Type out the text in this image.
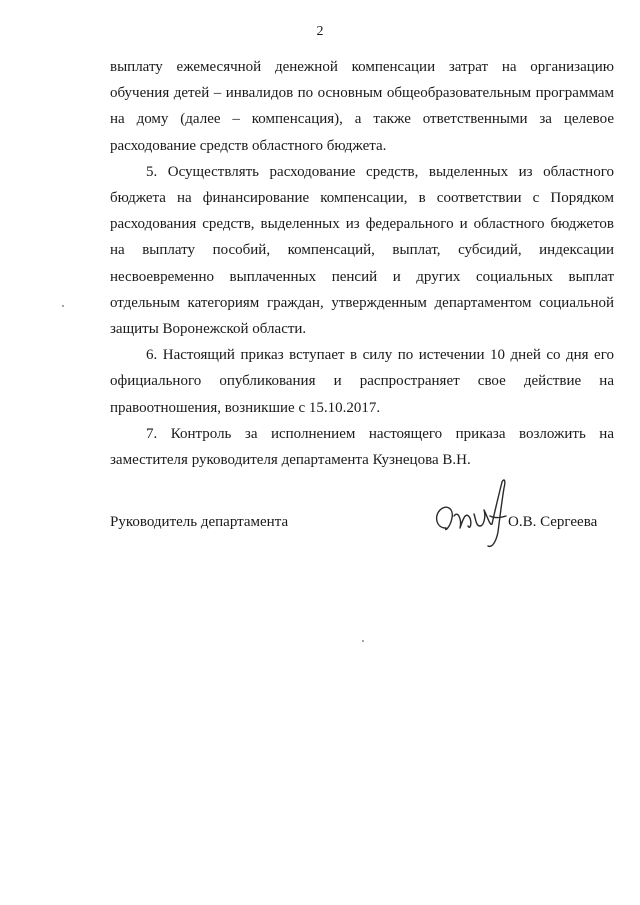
2

выплату ежемесячной денежной компенсации затрат на организацию обучения детей – инвалидов по основным общеобразовательным программам на дому (далее – компенсация), а также ответственными за целевое расходование средств областного бюджета.

5. Осуществлять расходование средств, выделенных из областного бюджета на финансирование компенсации, в соответствии с Порядком расходования средств, выделенных из федерального и областного бюджетов на выплату пособий, компенсаций, выплат, субсидий, индексации несвоевременно выплаченных пенсий и других социальных выплат отдельным категориям граждан, утвержденным департаментом социальной защиты Воронежской области.

6. Настоящий приказ вступает в силу по истечении 10 дней со дня его официального опубликования и распространяет свое действие на правоотношения, возникшие с 15.10.2017.

7. Контроль за исполнением настоящего приказа возложить на заместителя руководителя департамента Кузнецова В.Н.

Руководитель департамента	О.В. Сергеева
